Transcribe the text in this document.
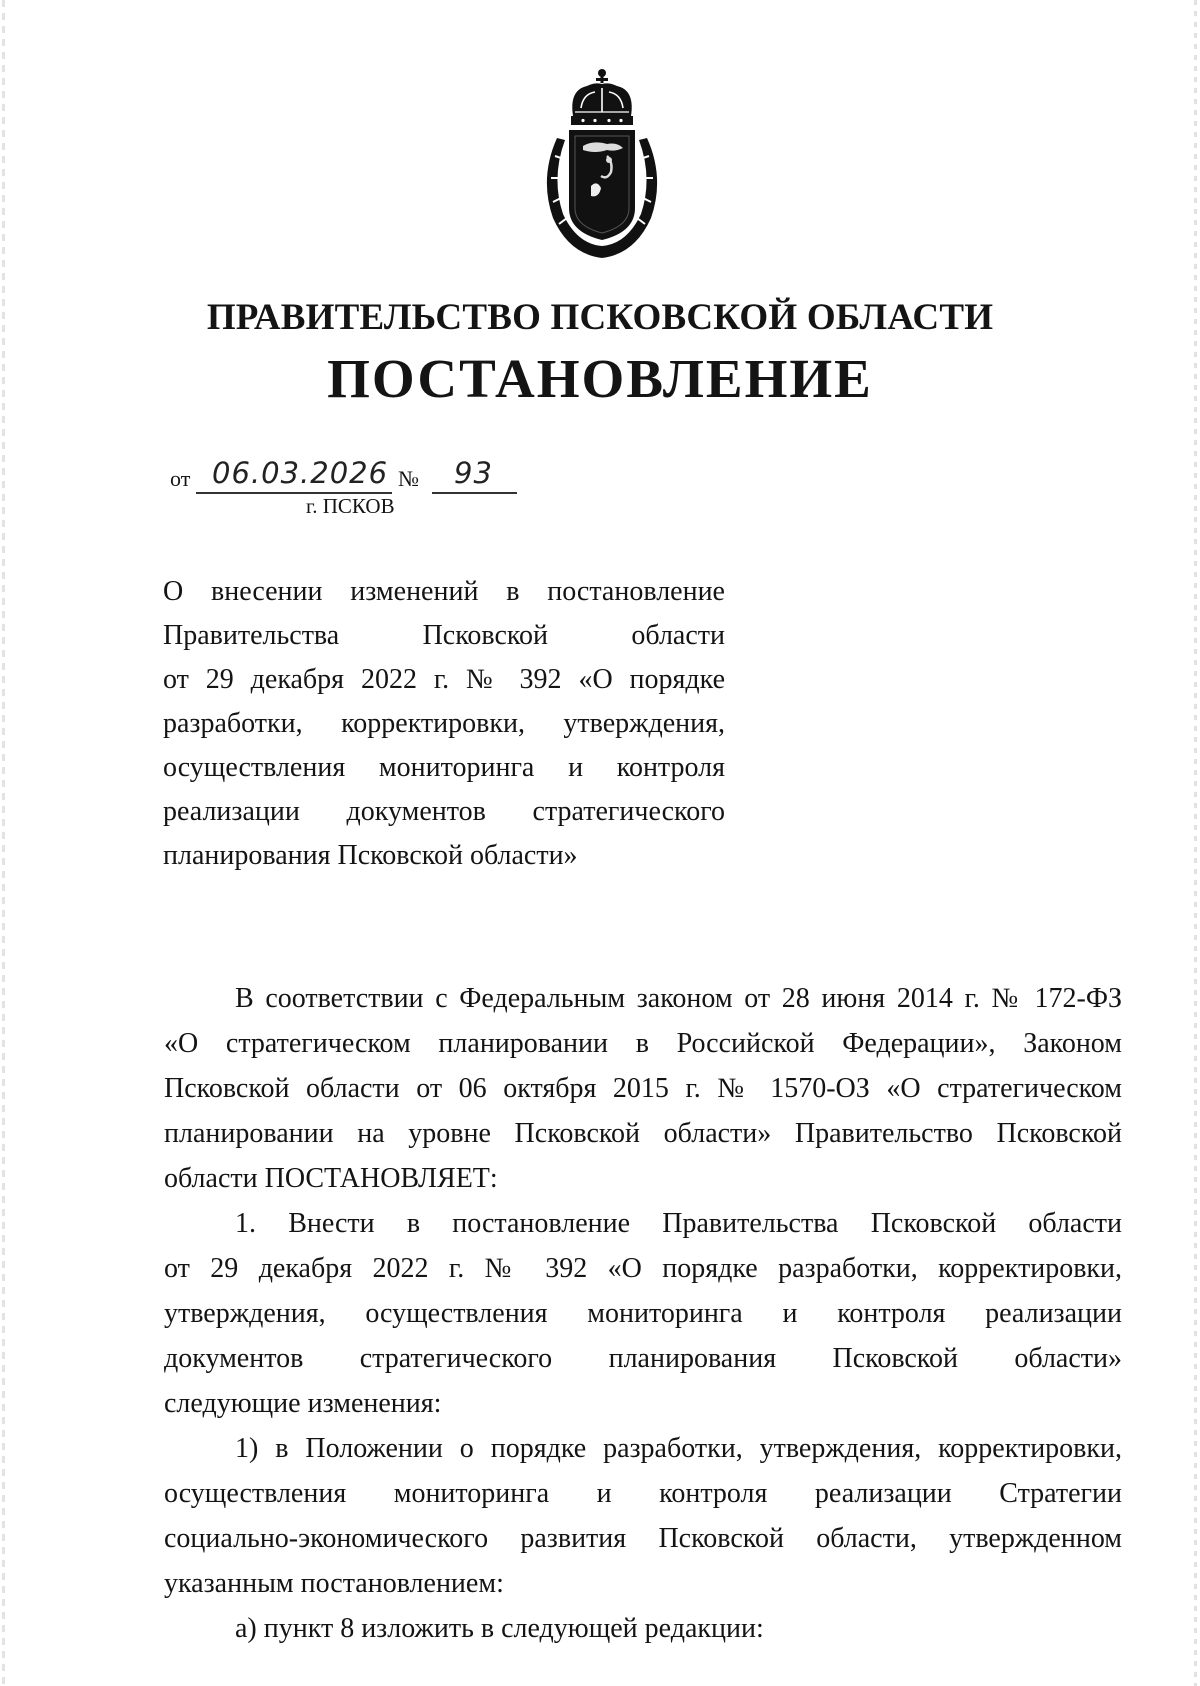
ПРАВИТЕЛЬСТВО ПСКОВСКОЙ ОБЛАСТИ
ПОСТАНОВЛЕНИЕ
от 06.03.2026 № 93
г. ПСКОВ
О внесении изменений в постановление
Правительства Псковской области
от 29 декабря 2022 г. № 392 «О порядке
разработки, корректировки, утверждения,
осуществления мониторинга и контроля
реализации документов стратегического
планирования Псковской области»
В соответствии с Федеральным законом от 28 июня 2014 г. № 172-ФЗ
«О стратегическом планировании в Российской Федерации», Законом
Псковской области от 06 октября 2015 г. № 1570-ОЗ «О стратегическом
планировании на уровне Псковской области» Правительство Псковской
области ПОСТАНОВЛЯЕТ:
1. Внести в постановление Правительства Псковской области
от 29 декабря 2022 г. № 392 «О порядке разработки, корректировки,
утверждения, осуществления мониторинга и контроля реализации
документов стратегического планирования Псковской области»
следующие изменения:
1) в Положении о порядке разработки, утверждения, корректировки,
осуществления мониторинга и контроля реализации Стратегии
социально-экономического развития Псковской области, утвержденном
указанным постановлением:
а) пункт 8 изложить в следующей редакции:
